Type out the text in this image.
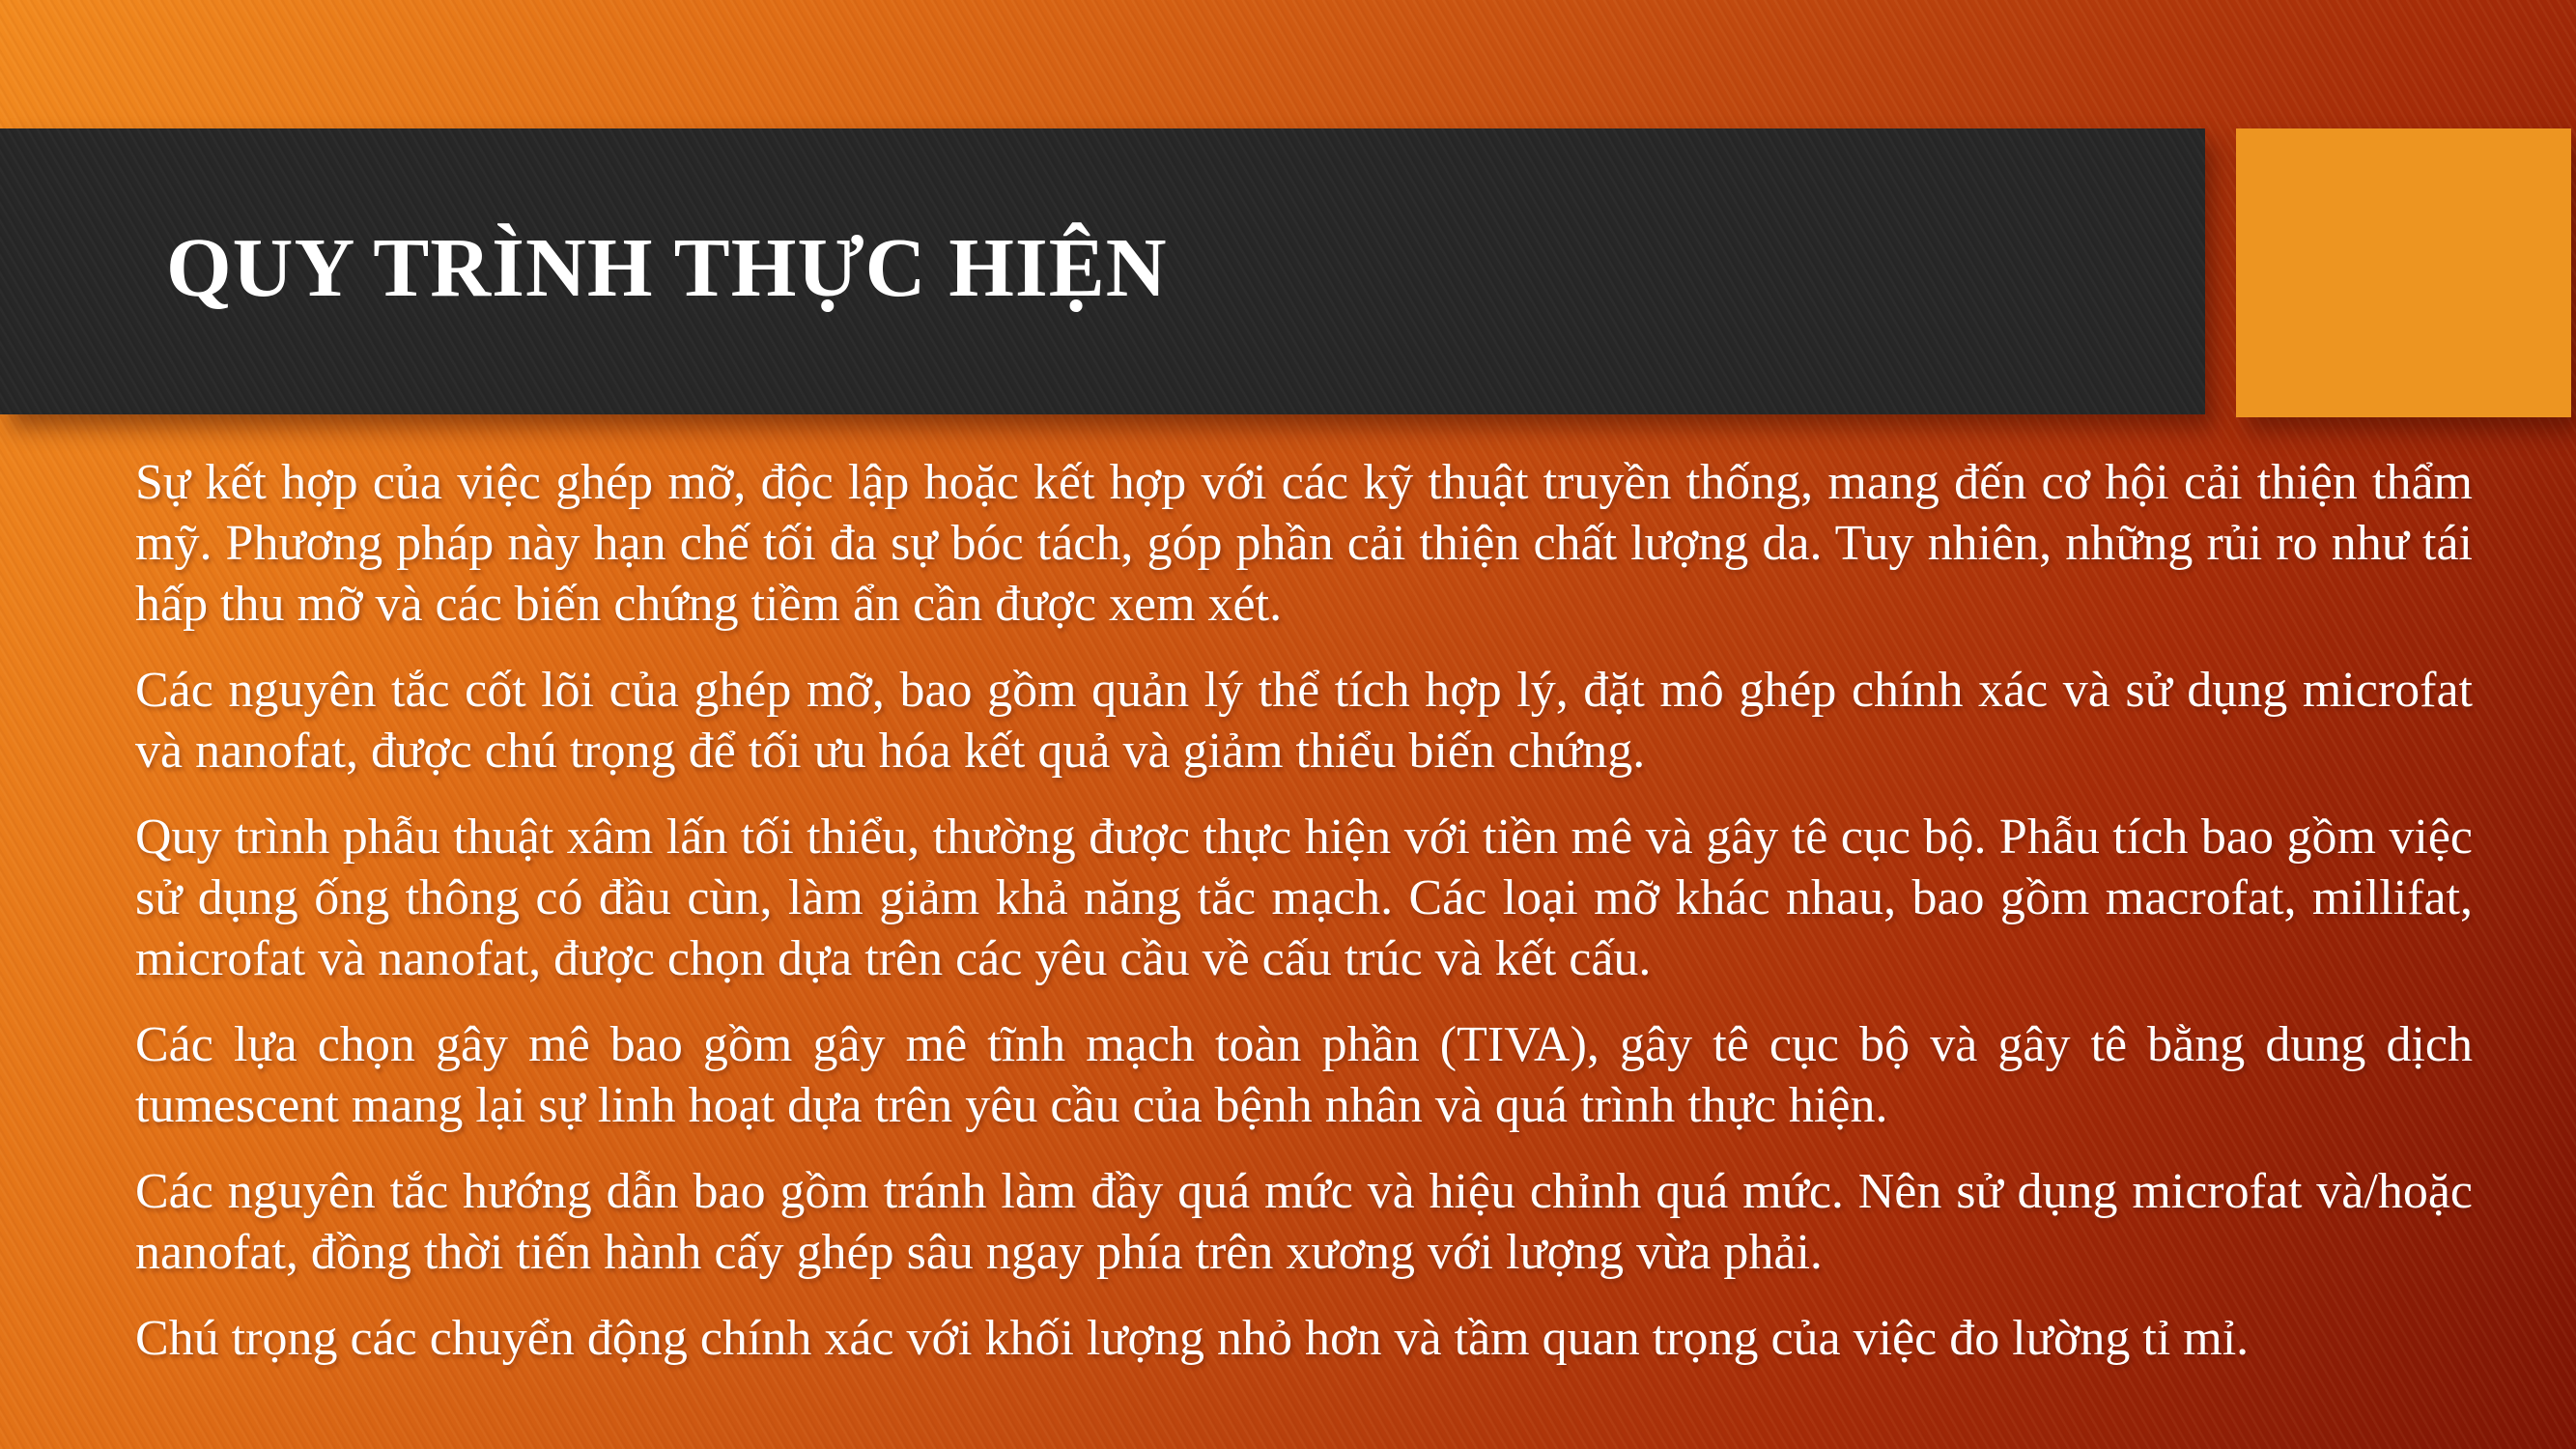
QUY TRÌNH THỰC HIỆN

Sự kết hợp của việc ghép mỡ, độc lập hoặc kết hợp với các kỹ thuật truyền thống, mang đến cơ hội cải thiện thẩm mỹ. Phương pháp này hạn chế tối đa sự bóc tách, góp phần cải thiện chất lượng da. Tuy nhiên, những rủi ro như tái hấp thu mỡ và các biến chứng tiềm ẩn cần được xem xét.

Các nguyên tắc cốt lõi của ghép mỡ, bao gồm quản lý thể tích hợp lý, đặt mô ghép chính xác và sử dụng microfat và nanofat, được chú trọng để tối ưu hóa kết quả và giảm thiểu biến chứng.

Quy trình phẫu thuật xâm lấn tối thiểu, thường được thực hiện với tiền mê và gây tê cục bộ. Phẫu tích bao gồm việc sử dụng ống thông có đầu cùn, làm giảm khả năng tắc mạch. Các loại mỡ khác nhau, bao gồm macrofat, millifat, microfat và nanofat, được chọn dựa trên các yêu cầu về cấu trúc và kết cấu.

Các lựa chọn gây mê bao gồm gây mê tĩnh mạch toàn phần (TIVA), gây tê cục bộ và gây tê bằng dung dịch tumescent mang lại sự linh hoạt dựa trên yêu cầu của bệnh nhân và quá trình thực hiện.

Các nguyên tắc hướng dẫn bao gồm tránh làm đầy quá mức và hiệu chỉnh quá mức. Nên sử dụng microfat và/hoặc nanofat, đồng thời tiến hành cấy ghép sâu ngay phía trên xương với lượng vừa phải.

Chú trọng các chuyển động chính xác với khối lượng nhỏ hơn và tầm quan trọng của việc đo lường tỉ mỉ.
